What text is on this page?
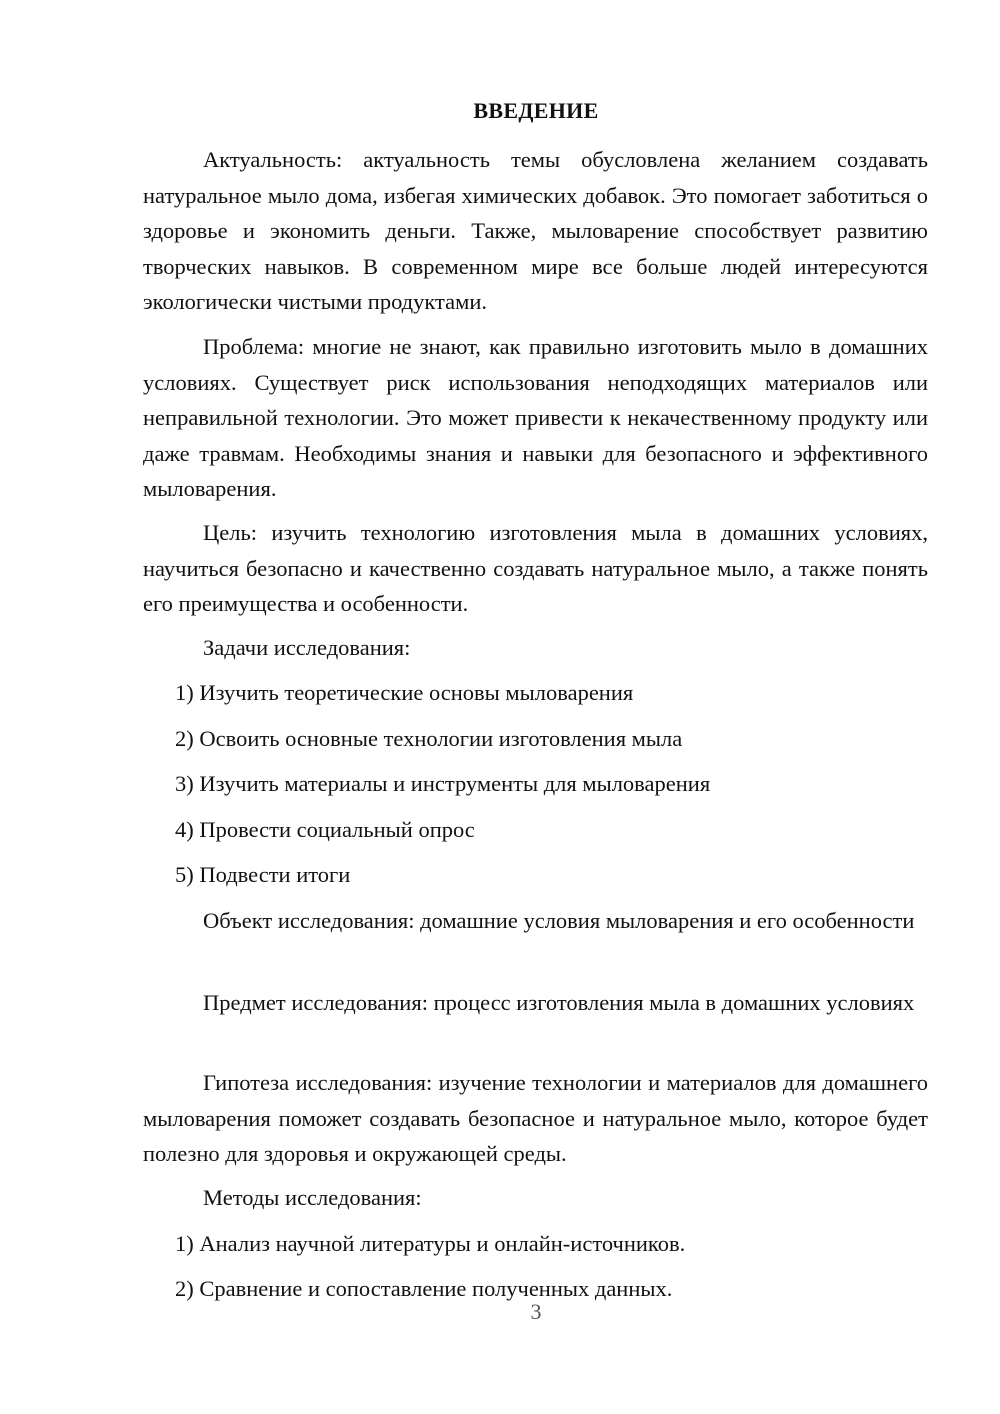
ВВЕДЕНИЕ

Актуальность: актуальность темы обусловлена желанием создавать натуральное мыло дома, избегая химических добавок. Это помогает заботиться о здоровье и экономить деньги. Также, мыловарение способствует развитию творческих навыков. В современном мире все больше людей интересуются экологически чистыми продуктами.

Проблема: многие не знают, как правильно изготовить мыло в домашних условиях. Существует риск использования неподходящих материалов или неправильной технологии. Это может привести к некачественному продукту или даже травмам. Необходимы знания и навыки для безопасного и эффективного мыловарения.

Цель: изучить технологию изготовления мыла в домашних условиях, научиться безопасно и качественно создавать натуральное мыло, а также понять его преимущества и особенности.

Задачи исследования:

1) Изучить теоретические основы мыловарения

2) Освоить основные технологии изготовления мыла

3) Изучить материалы и инструменты для мыловарения

4) Провести социальный опрос

5) Подвести итоги

Объект исследования: домашние условия мыловарения и его особенности

Предмет исследования: процесс изготовления мыла в домашних условиях

Гипотеза исследования: изучение технологии и материалов для домашнего мыловарения поможет создавать безопасное и натуральное мыло, которое будет полезно для здоровья и окружающей среды.

Методы исследования:

1) Анализ научной литературы и онлайн-источников.

2) Сравнение и сопоставление полученных данных.

3
